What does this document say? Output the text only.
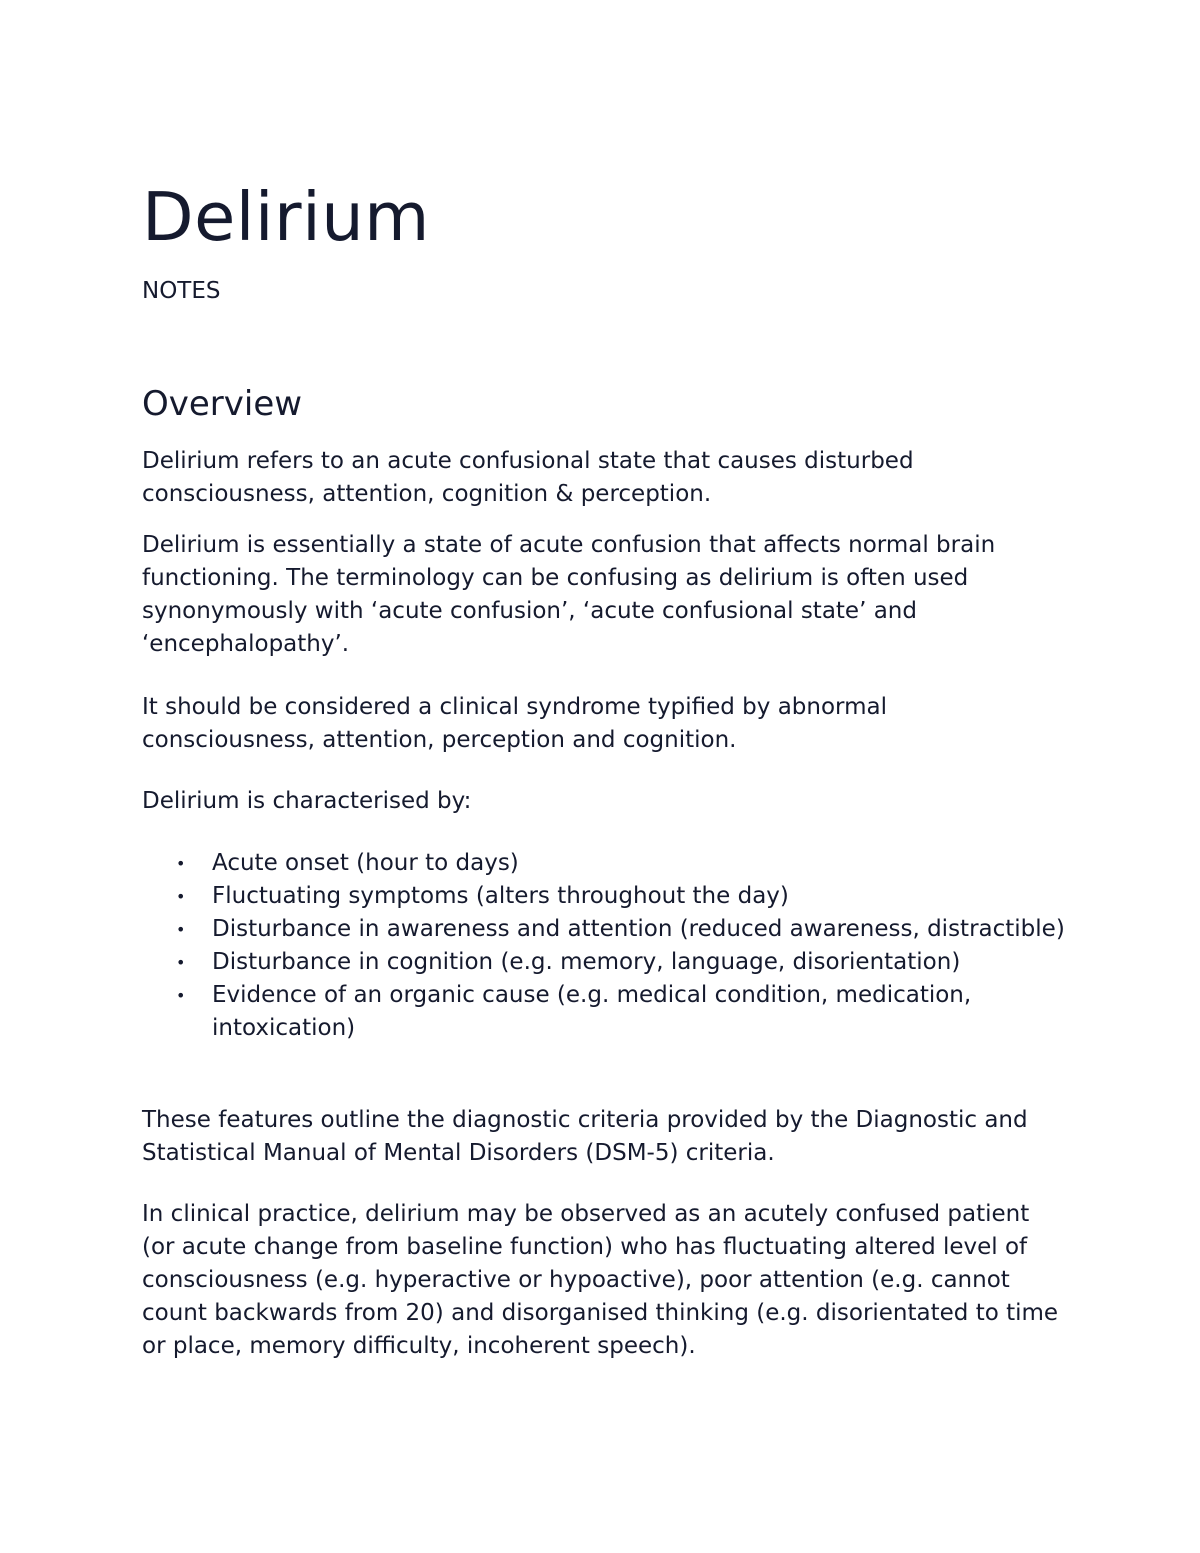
Delirium

NOTES

Overview

Delirium refers to an acute confusional state that causes disturbed consciousness, attention, cognition & perception.

Delirium is essentially a state of acute confusion that affects normal brain functioning. The terminology can be confusing as delirium is often used synonymously with ‘acute confusion’, ‘acute confusional state’ and ‘encephalopathy’.

It should be considered a clinical syndrome typified by abnormal consciousness, attention, perception and cognition.

Delirium is characterised by:

• Acute onset (hour to days)
• Fluctuating symptoms (alters throughout the day)
• Disturbance in awareness and attention (reduced awareness, distractible)
• Disturbance in cognition (e.g. memory, language, disorientation)
• Evidence of an organic cause (e.g. medical condition, medication, intoxication)

These features outline the diagnostic criteria provided by the Diagnostic and Statistical Manual of Mental Disorders (DSM-5) criteria.

In clinical practice, delirium may be observed as an acutely confused patient (or acute change from baseline function) who has fluctuating altered level of consciousness (e.g. hyperactive or hypoactive), poor attention (e.g. cannot count backwards from 20) and disorganised thinking (e.g. disorientated to time or place, memory difficulty, incoherent speech).
